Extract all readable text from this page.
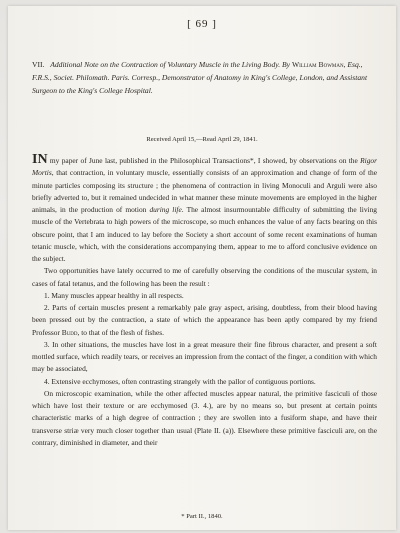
[ 69 ]
VII. Additional Note on the Contraction of Voluntary Muscle in the Living Body. By William Bowman, Esq., F.R.S., Societ. Philomath. Paris. Corresp., Demonstrator of Anatomy in King's College, London, and Assistant Surgeon to the King's College Hospital.
Received April 15,—Read April 29, 1841.

IN my paper of June last, published in the Philosophical Transactions*, I showed, by observations on the Rigor Mortis, that contraction, in voluntary muscle, essentially consists of an approximation and change of form of the minute particles composing its structure ; the phenomena of contraction in living Monoculi and Arguli were also briefly adverted to, but it remained undecided in what manner these minute movements are employed in the higher animals, in the production of motion during life. The almost insurmountable difficulty of submitting the living muscle of the Vertebrata to high powers of the microscope, so much enhances the value of any facts bearing on this obscure point, that I am induced to lay before the Society a short account of some recent examinations of human tetanic muscle, which, with the considerations accompanying them, appear to me to afford conclusive evidence on the subject.

Two opportunities have lately occurred to me of carefully observing the conditions of the muscular system, in cases of fatal tetanus, and the following has been the result :

1. Many muscles appear healthy in all respects.

2. Parts of certain muscles present a remarkably pale gray aspect, arising, doubtless, from their blood having been pressed out by the contraction, a state of which the appearance has been aptly compared by my friend Professor Budd, to that of the flesh of fishes.

3. In other situations, the muscles have lost in a great measure their fine fibrous character, and present a soft mottled surface, which readily tears, or receives an impression from the contact of the finger, a condition with which may be associated,

4. Extensive ecchymoses, often contrasting strangely with the pallor of contiguous portions.

On microscopic examination, while the other affected muscles appear natural, the primitive fasciculi of those which have lost their texture or are ecchymosed (3. 4.), are by no means so, but present at certain points characteristic marks of a high degree of contraction ; they are swollen into a fusiform shape, and have their transverse striæ very much closer together than usual (Plate II. (a)). Elsewhere these primitive fasciculi are, on the contrary, diminished in diameter, and their

* Part II., 1840.
